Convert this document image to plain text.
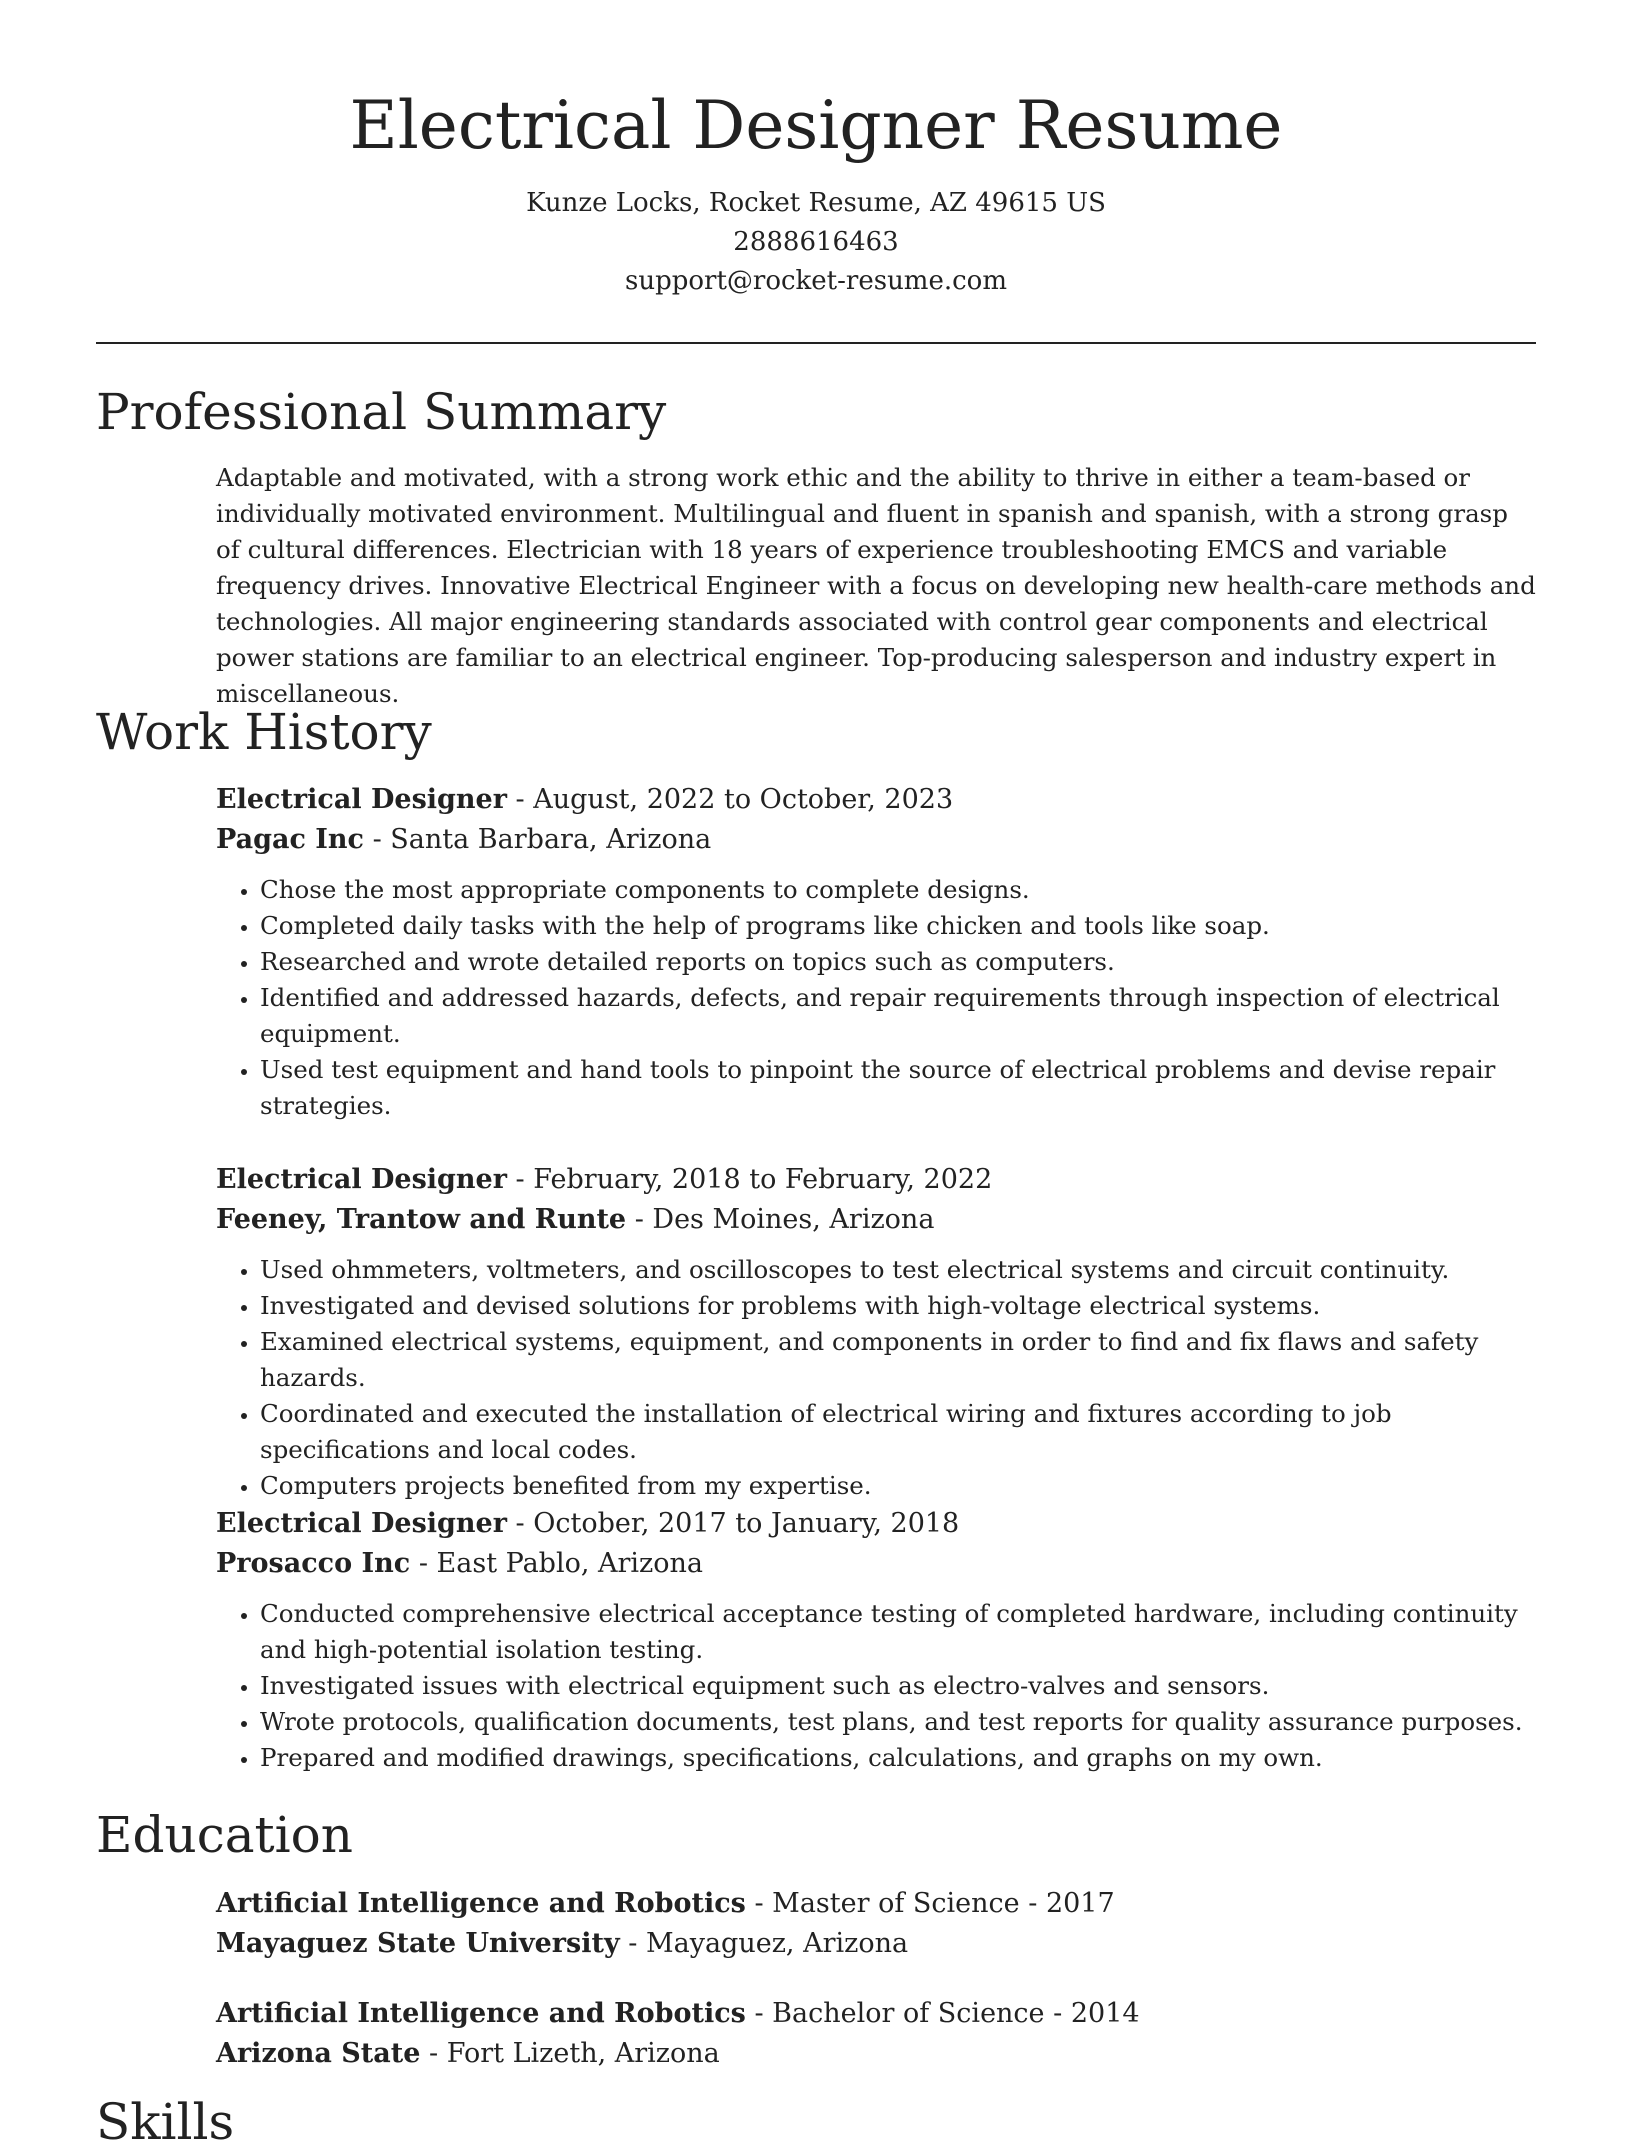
Electrical Designer Resume
Kunze Locks, Rocket Resume, AZ 49615 US
2888616463
support@rocket-resume.com
Professional Summary
Adaptable and motivated, with a strong work ethic and the ability to thrive in either a team-based or individually motivated environment. Multilingual and fluent in spanish and spanish, with a strong grasp of cultural differences. Electrician with 18 years of experience troubleshooting EMCS and variable frequency drives. Innovative Electrical Engineer with a focus on developing new health-care methods and technologies. All major engineering standards associated with control gear components and electrical power stations are familiar to an electrical engineer. Top-producing salesperson and industry expert in miscellaneous.
Work History
Electrical Designer - August, 2022 to October, 2023
Pagac Inc - Santa Barbara, Arizona
• Chose the most appropriate components to complete designs.
• Completed daily tasks with the help of programs like chicken and tools like soap.
• Researched and wrote detailed reports on topics such as computers.
• Identified and addressed hazards, defects, and repair requirements through inspection of electrical equipment.
• Used test equipment and hand tools to pinpoint the source of electrical problems and devise repair strategies.
Electrical Designer - February, 2018 to February, 2022
Feeney, Trantow and Runte - Des Moines, Arizona
• Used ohmmeters, voltmeters, and oscilloscopes to test electrical systems and circuit continuity.
• Investigated and devised solutions for problems with high-voltage electrical systems.
• Examined electrical systems, equipment, and components in order to find and fix flaws and safety hazards.
• Coordinated and executed the installation of electrical wiring and fixtures according to job specifications and local codes.
• Computers projects benefited from my expertise.
Electrical Designer - October, 2017 to January, 2018
Prosacco Inc - East Pablo, Arizona
• Conducted comprehensive electrical acceptance testing of completed hardware, including continuity and high-potential isolation testing.
• Investigated issues with electrical equipment such as electro-valves and sensors.
• Wrote protocols, qualification documents, test plans, and test reports for quality assurance purposes.
• Prepared and modified drawings, specifications, calculations, and graphs on my own.
Education
Artificial Intelligence and Robotics - Master of Science - 2017
Mayaguez State University - Mayaguez, Arizona
Artificial Intelligence and Robotics - Bachelor of Science - 2014
Arizona State - Fort Lizeth, Arizona
Skills
